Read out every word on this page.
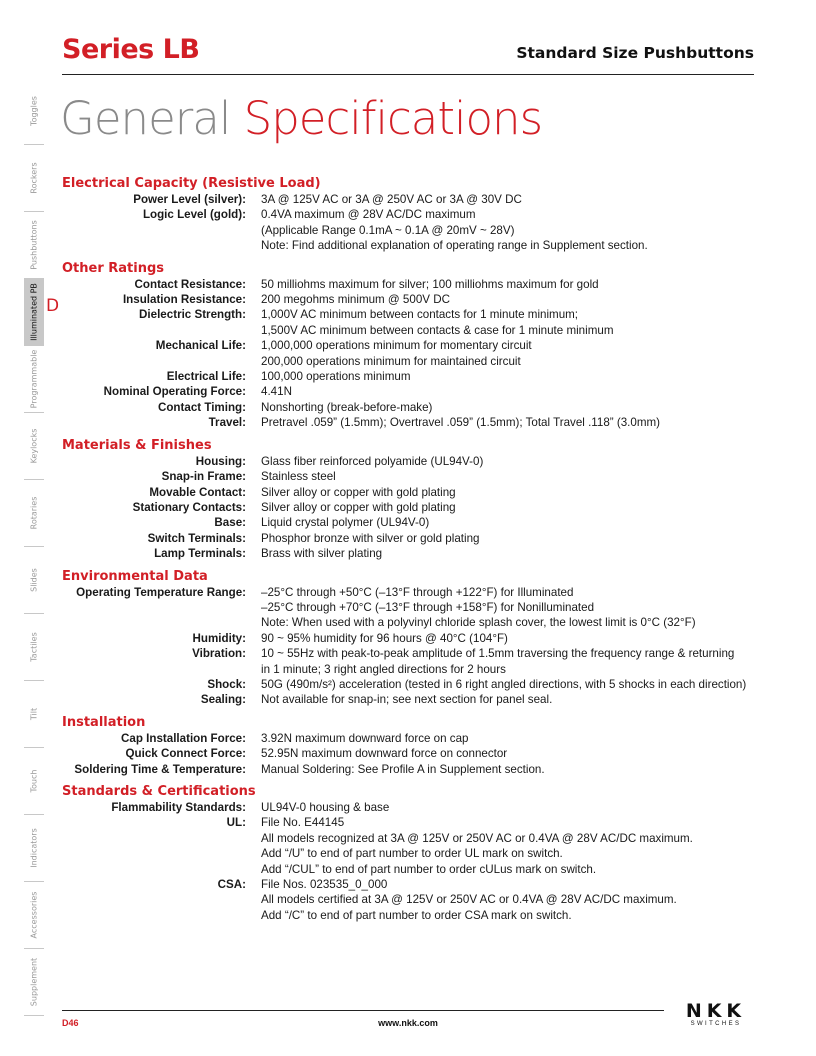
Series LB	Standard Size Pushbuttons
General Specifications
Toggles
Rockers
Pushbuttons
Illuminated PB
Programmable
Keylocks
Rotaries
Slides
Tactiles
Tilt
Touch
Indicators
Accessories
Supplement
D
Electrical Capacity (Resistive Load)
Power Level (silver): 3A @ 125V AC or 3A @ 250V AC or 3A @ 30V DC
Logic Level (gold): 0.4VA maximum @ 28V AC/DC maximum
(Applicable Range 0.1mA ~ 0.1A @ 20mV ~ 28V)
Note: Find additional explanation of operating range in Supplement section.
Other Ratings
Contact Resistance: 50 milliohms maximum for silver; 100 milliohms maximum for gold
Insulation Resistance: 200 megohms minimum @ 500V DC
Dielectric Strength: 1,000V AC minimum between contacts for 1 minute minimum;
1,500V AC minimum between contacts & case for 1 minute minimum
Mechanical Life: 1,000,000 operations minimum for momentary circuit
200,000 operations minimum for maintained circuit
Electrical Life: 100,000 operations minimum
Nominal Operating Force: 4.41N
Contact Timing: Nonshorting (break-before-make)
Travel: Pretravel .059” (1.5mm); Overtravel .059” (1.5mm); Total Travel .118” (3.0mm)
Materials & Finishes
Housing: Glass fiber reinforced polyamide (UL94V-0)
Snap-in Frame: Stainless steel
Movable Contact: Silver alloy or copper with gold plating
Stationary Contacts: Silver alloy or copper with gold plating
Base: Liquid crystal polymer (UL94V-0)
Switch Terminals: Phosphor bronze with silver or gold plating
Lamp Terminals: Brass with silver plating
Environmental Data
Operating Temperature Range: –25°C through +50°C (–13°F through +122°F) for Illuminated
–25°C through +70°C (–13°F through +158°F) for Nonilluminated
Note: When used with a polyvinyl chloride splash cover, the lowest limit is 0°C (32°F)
Humidity: 90 ~ 95% humidity for 96 hours @ 40°C (104°F)
Vibration: 10 ~ 55Hz with peak-to-peak amplitude of 1.5mm traversing the frequency range & returning
in 1 minute; 3 right angled directions for 2 hours
Shock: 50G (490m/s²) acceleration (tested in 6 right angled directions, with 5 shocks in each direction)
Sealing: Not available for snap-in; see next section for panel seal.
Installation
Cap Installation Force: 3.92N maximum downward force on cap
Quick Connect Force: 52.95N maximum downward force on connector
Soldering Time & Temperature: Manual Soldering: See Profile A in Supplement section.
Standards & Certifications
Flammability Standards: UL94V-0 housing & base
UL: File No. E44145
All models recognized at 3A @ 125V or 250V AC or 0.4VA @ 28V AC/DC maximum.
Add “/U” to end of part number to order UL mark on switch.
Add “/CUL” to end of part number to order cULus mark on switch.
CSA: File Nos. 023535_0_000
All models certified at 3A @ 125V or 250V AC or 0.4VA @ 28V AC/DC maximum.
Add “/C” to end of part number to order CSA mark on switch.
D46	www.nkk.com
NKK
SWITCHES
